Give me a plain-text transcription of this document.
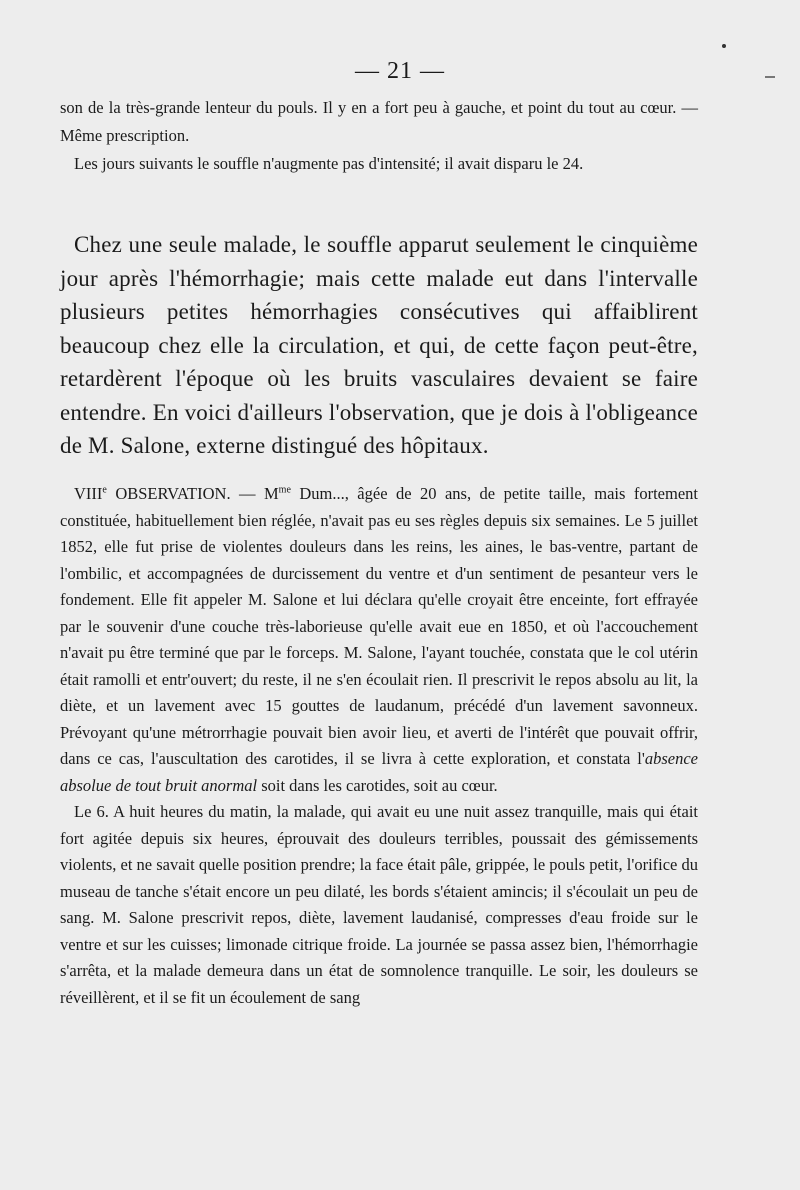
— 21 —

son de la très-grande lenteur du pouls. Il y en a fort peu à gauche, et point du tout au cœur. — Même prescription.

Les jours suivants le souffle n'augmente pas d'intensité; il avait disparu le 24.

Chez une seule malade, le souffle apparut seulement le cinquième jour après l'hémorrhagie; mais cette malade eut dans l'intervalle plusieurs petites hémorrhagies consécutives qui affaiblirent beaucoup chez elle la circulation, et qui, de cette façon peut-être, retardèrent l'époque où les bruits vasculaires devaient se faire entendre. En voici d'ailleurs l'observation, que je dois à l'obligeance de M. Salone, externe distingué des hôpitaux.

VIIIe OBSERVATION. — $M^{me}$ Dum..., âgée de 20 ans, de petite taille, mais fortement constituée, habituellement bien réglée, n'avait pas eu ses règles depuis six semaines. Le 5 juillet 1852, elle fut prise de violentes douleurs dans les reins, les aines, le bas-ventre, partant de l'ombilic, et accompagnées de durcissement du ventre et d'un sentiment de pesanteur vers le fondement. Elle fit appeler M. Salone et lui déclara qu'elle croyait être enceinte, fort effrayée par le souvenir d'une couche très-laborieuse qu'elle avait eue en 1850, et où l'accouchement n'avait pu être terminé que par le forceps. M. Salone, l'ayant touchée, constata que le col utérin était ramolli et entr'ouvert; du reste, il ne s'en écoulait rien. Il prescrivit le repos absolu au lit, la diète, et un lavement avec 15 gouttes de laudanum, précédé d'un lavement savonneux. Prévoyant qu'une métrorrhagie pouvait bien avoir lieu, et averti de l'intérêt que pouvait offrir, dans ce cas, l'auscultation des carotides, il se livra à cette exploration, et constata l'absence absolue de tout bruit anormal soit dans les carotides, soit au cœur.

Le 6. A huit heures du matin, la malade, qui avait eu une nuit assez tranquille, mais qui était fort agitée depuis six heures, éprouvait des douleurs terribles, poussait des gémissements violents, et ne savait quelle position prendre; la face était pâle, grippée, le pouls petit, l'orifice du museau de tanche s'était encore un peu dilaté, les bords s'étaient amincis; il s'écoulait un peu de sang. M. Salone prescrivit repos, diète, lavement laudanisé, compresses d'eau froide sur le ventre et sur les cuisses; limonade citrique froide. La journée se passa assez bien, l'hémorrhagie s'arrêta, et la malade demeura dans un état de somnolence tranquille. Le soir, les douleurs se réveillèrent, et il se fit un écoulement de sang
